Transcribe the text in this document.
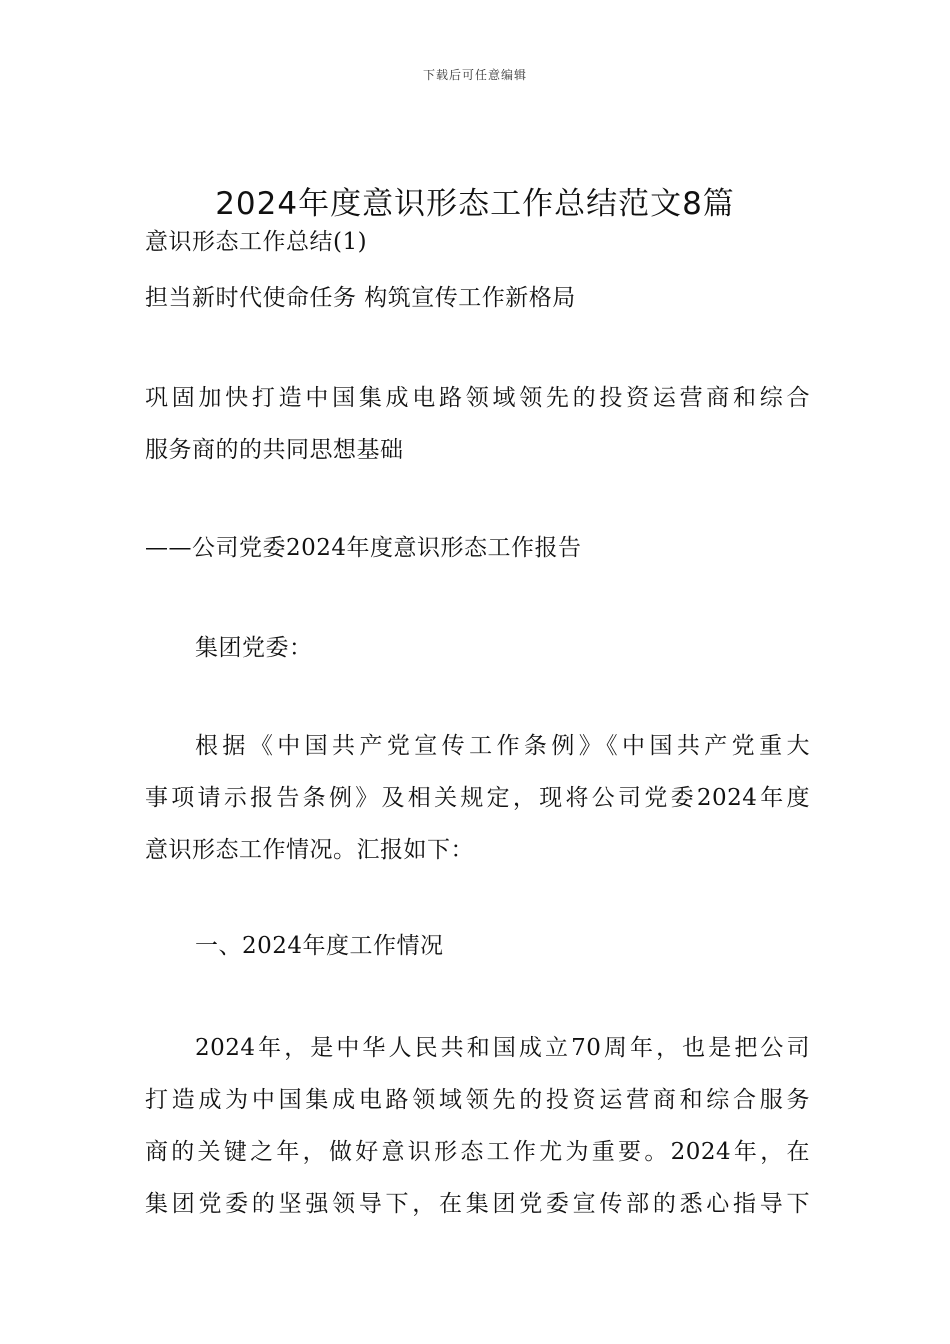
下载后可任意编辑
2024年度意识形态工作总结范文8篇
意识形态工作总结(1)
担当新时代使命任务 构筑宣传工作新格局
巩固加快打造中国集成电路领域领先的投资运营商和综合
服务商的的共同思想基础
——公司党委2024年度意识形态工作报告
集团党委：
根据《中国共产党宣传工作条例》《中国共产党重大
事项请示报告条例》及相关规定，现将公司党委2024年度
意识形态工作情况。汇报如下：
一、2024年度工作情况
2024年，是中华人民共和国成立70周年，也是把公司
打造成为中国集成电路领域领先的投资运营商和综合服务
商的关键之年，做好意识形态工作尤为重要。2024年，在
集团党委的坚强领导下，在集团党委宣传部的悉心指导下
